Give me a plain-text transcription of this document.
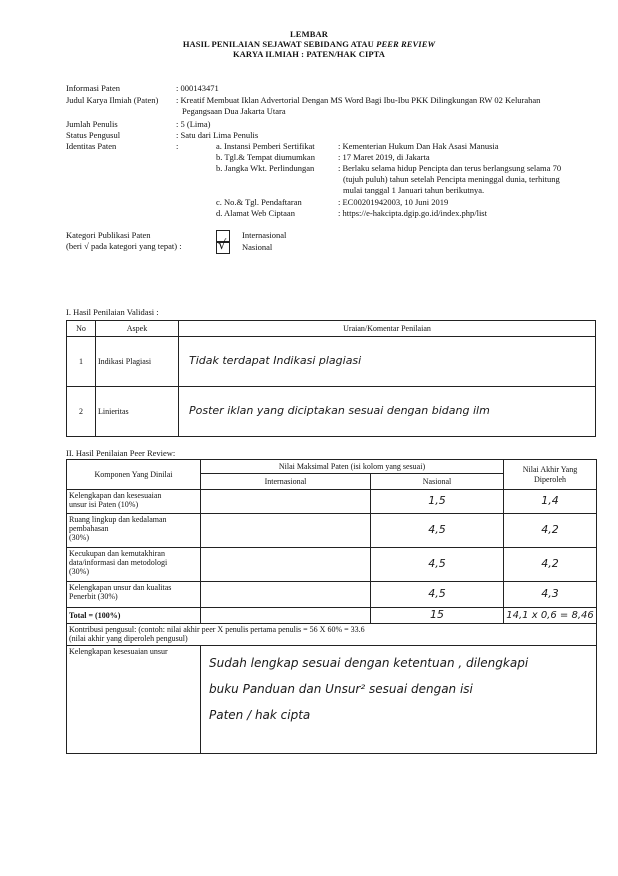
LEMBAR
HASIL PENILAIAN SEJAWAT SEBIDANG ATAU PEER REVIEW
KARYA ILMIAH : PATEN/HAK CIPTA
Informasi Paten	: 000143471
Judul Karya Ilmiah (Paten) : Kreatif Membuat Iklan Advertorial Dengan MS Word Bagi Ibu-Ibu PKK Dilingkungan RW 02 Kelurahan
Pegangsaan Dua Jakarta Utara
Jumlah Penulis	: 5 (Lima)
Status Pengusul	: Satu dari Lima Penulis
Identitas Paten	:	a. Instansi Pemberi Sertifikat	: Kementerian Hukum Dan Hak Asasi Manusia
b. Tgl.& Tempat diumumkan	: 17 Maret 2019, di Jakarta
b. Jangka Wkt. Perlindungan	: Berlaku selama hidup Pencipta dan terus berlangsung selama 70
(tujuh puluh) tahun setelah Pencipta meninggal dunia, terhitung
mulai tanggal 1 Januari tahun berikutnya.
c. No.& Tgl. Pendaftaran	: EC00201942003, 10 Juni 2019
d. Alamat Web Ciptaan	: https://e-hakcipta.dgip.go.id/index.php/list
Kategori Publikasi Paten
(beri √ pada kategori yang tepat) :
Internasional
√ Nasional
I. Hasil Penilaian Validasi :
No	Aspek	Uraian/Komentar Penilaian
1	Indikasi Plagiasi	Tidak terdapat Indikasi plagiasi
2	Linieritas	Poster iklan yang diciptakan sesuai dengan bidang ilm
II. Hasil Penilaian Peer Review:
Komponen Yang Dinilai	Nilai Maksimal Paten (isi kolom yang sesuai)		Nilai Akhir Yang Diperoleh
	Internasional	Nasional	

Kelengkapan dan kesesuaian
unsur isi Paten (10%)		1,5	1,4

Ruang lingkup dan kedalaman
pembahasan
(30%)		4,5	4,2

Kecukupan dan kemutakhiran
data/informasi dan metodologi
(30%)		4,5	4,2

Kelengkapan unsur dan kualitas
Penerbit (30%)		4,5	4,3
Total = (100%)		15	14,1 x 0,6 = 8,46

Kontribusi pengusul: (contoh: nilai akhir peer X penulis pertama penulis = 56 X 60% = 33.6
(nilai akhir yang diperoleh pengusul)			

Kelengkapan kesesuaian unsur	Sudah lengkap sesuai dengan ketentuan , dilengkapi
buku Panduan dan Unsur² sesuai dengan isi
Paten / hak cipta		
